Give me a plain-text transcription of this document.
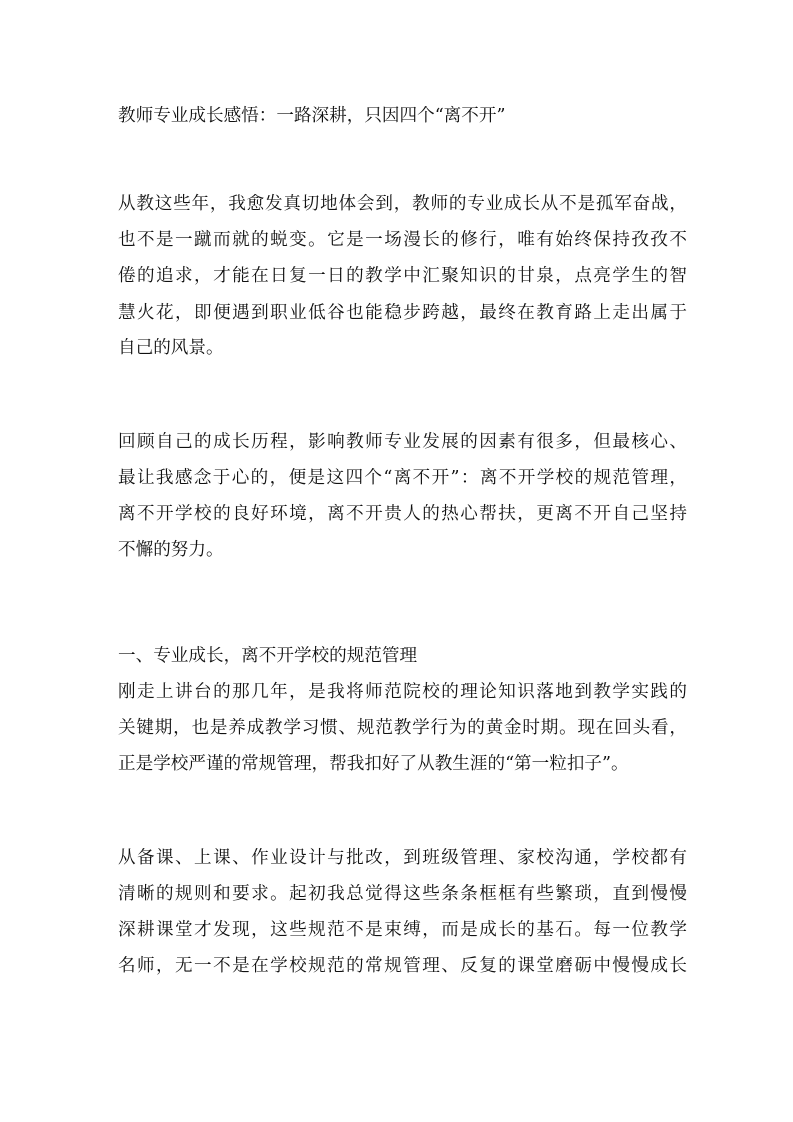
教师专业成长感悟：一路深耕，只因四个“离不开”
从教这些年，我愈发真切地体会到，教师的专业成长从不是孤军奋战，
也不是一蹴而就的蜕变。它是一场漫长的修行，唯有始终保持孜孜不
倦的追求，才能在日复一日的教学中汇聚知识的甘泉，点亮学生的智
慧火花，即便遇到职业低谷也能稳步跨越，最终在教育路上走出属于
自己的风景。
回顾自己的成长历程，影响教师专业发展的因素有很多，但最核心、
最让我感念于心的，便是这四个“离不开”：离不开学校的规范管理，
离不开学校的良好环境，离不开贵人的热心帮扶，更离不开自己坚持
不懈的努力。
一、专业成长，离不开学校的规范管理
刚走上讲台的那几年，是我将师范院校的理论知识落地到教学实践的
关键期，也是养成教学习惯、规范教学行为的黄金时期。现在回头看，
正是学校严谨的常规管理，帮我扣好了从教生涯的“第一粒扣子”。
从备课、上课、作业设计与批改，到班级管理、家校沟通，学校都有
清晰的规则和要求。起初我总觉得这些条条框框有些繁琐，直到慢慢
深耕课堂才发现，这些规范不是束缚，而是成长的基石。每一位教学
名师，无一不是在学校规范的常规管理、反复的课堂磨砺中慢慢成长
